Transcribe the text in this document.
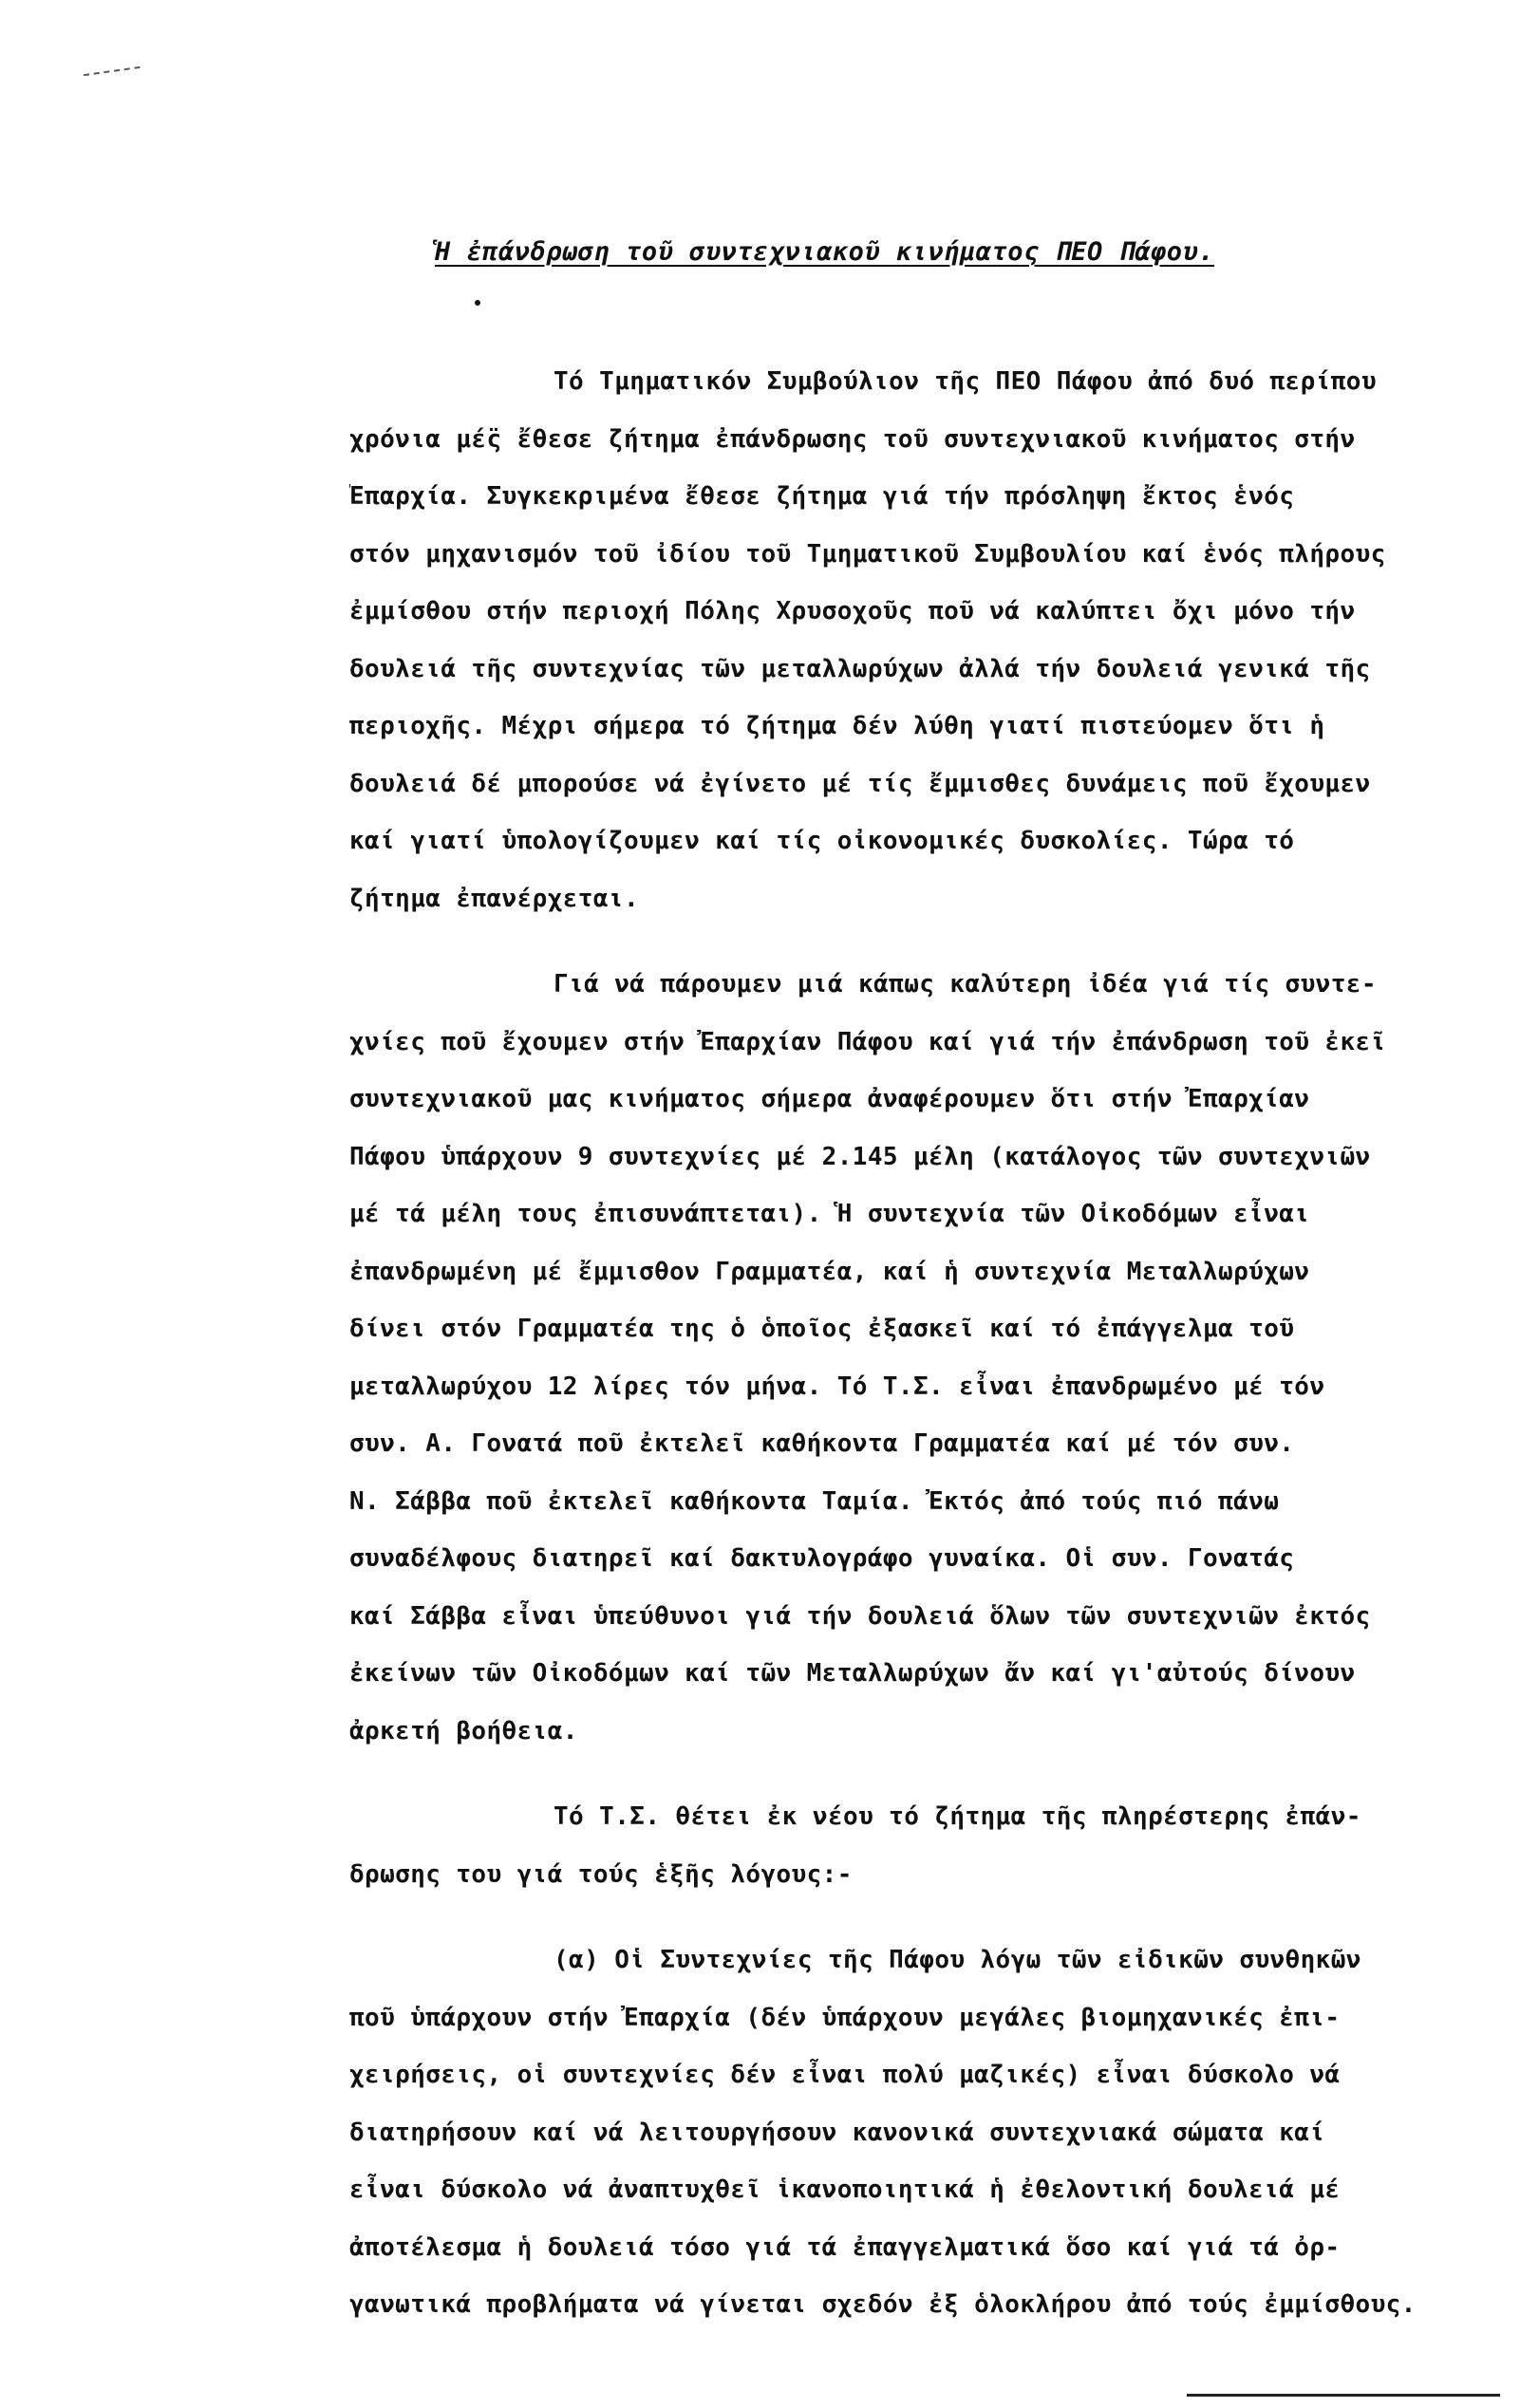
Ἡ ἐπάνδρωση τοῦ συντεχνιακοῦ κινήματος ΠΕΟ Πάφου.
Τό Τμηματικόν Συμβούλιον τῆς ΠΕΟ Πάφου ἀπό δυό περίπου
χρόνια μέ̈ς ἔθεσε ζήτημα ἐπάνδρωσης τοῦ συντεχνιακοῦ κινήματος στήν
Ἐπαρχία. Συγκεκριμένα ἔθεσε ζήτημα γιά τήν πρόσληψη ἔκτος ἑνός
στόν μηχανισμόν τοῦ ἰδίου τοῦ Τμηματικοῦ Συμβουλίου καί ἑνός πλήρους
ἐμμίσθου στήν περιοχή Πόλης Χρυσοχοῦς ποῦ νά καλύπτει ὄχι μόνο τήν
δουλειά τῆς συντεχνίας τῶν μεταλλωρύχων ἀλλά τήν δουλειά γενικά τῆς
περιοχῆς. Μέχρι σήμερα τό ζήτημα δέν λύθη γιατί πιστεύομεν ὅτι ἡ
δουλειά δέ μπορούσε νά ἐγίνετο μέ τίς ἔμμισθες δυνάμεις ποῦ ἔχουμεν
καί γιατί ὑπολογίζουμεν καί τίς οἰκονομικές δυσκολίες. Τώρα τό
ζήτημα ἐπανέρχεται.
Γιά νά πάρουμεν μιά κάπως καλύτερη ἰδέα γιά τίς συντε-
χνίες ποῦ ἔχουμεν στήν Ἐπαρχίαν Πάφου καί γιά τήν ἐπάνδρωση τοῦ ἐκεῖ
συντεχνιακοῦ μας κινήματος σήμερα ἀναφέρουμεν ὅτι στήν Ἐπαρχίαν
Πάφου ὑπάρχουν 9 συντεχνίες μέ 2.145 μέλη (κατάλογος τῶν συντεχνιῶν
μέ τά μέλη τους ἐπισυνάπτεται). Ἡ συντεχνία τῶν Οἰκοδόμων εἶναι
ἐπανδρωμένη μέ ἔμμισθον Γραμματέα, καί ἡ συντεχνία Μεταλλωρύχων
δίνει στόν Γραμματέα της ὁ ὁποῖος ἐξασκεῖ καί τό ἐπάγγελμα τοῦ
μεταλλωρύχου 12 λίρες τόν μήνα. Τό Τ.Σ. εἶναι ἐπανδρωμένο μέ τόν
συν. Α. Γονατά ποῦ ἐκτελεῖ καθήκοντα Γραμματέα καί μέ τόν συν.
Ν. Σάββα ποῦ ἐκτελεῖ καθήκοντα Ταμία. Ἐκτός ἀπό τούς πιό πάνω
συναδέλφους διατηρεῖ καί δακτυλογράφο γυναίκα. Οἱ συν. Γονατάς
καί Σάββα εἶναι ὑπεύθυνοι γιά τήν δουλειά ὅλων τῶν συντεχνιῶν ἐκτός
ἐκείνων τῶν Οἰκοδόμων καί τῶν Μεταλλωρύχων ἄν καί γι'αὐτούς δίνουν
ἀρκετή βοήθεια.
Τό Τ.Σ. θέτει ἐκ νέου τό ζήτημα τῆς πληρέστερης ἐπάν-
δρωσης του γιά τούς ἑξῆς λόγους:-
(α) Οἱ Συντεχνίες τῆς Πάφου λόγω τῶν εἰδικῶν συνθηκῶν
ποῦ ὑπάρχουν στήν Ἐπαρχία (δέν ὑπάρχουν μεγάλες βιομηχανικές ἐπι-
χειρήσεις, οἱ συντεχνίες δέν εἶναι πολύ μαζικές) εἶναι δύσκολο νά
διατηρήσουν καί νά λειτουργήσουν κανονικά συντεχνιακά σώματα καί
εἶναι δύσκολο νά ἀναπτυχθεῖ ἱκανοποιητικά ἡ ἐθελοντική δουλειά μέ
ἀποτέλεσμα ἡ δουλειά τόσο γιά τά ἐπαγγελματικά ὅσο καί γιά τά ὀρ-
γανωτικά προβλήματα νά γίνεται σχεδόν ἐξ ὁλοκλήρου ἀπό τούς ἐμμίσθους.
